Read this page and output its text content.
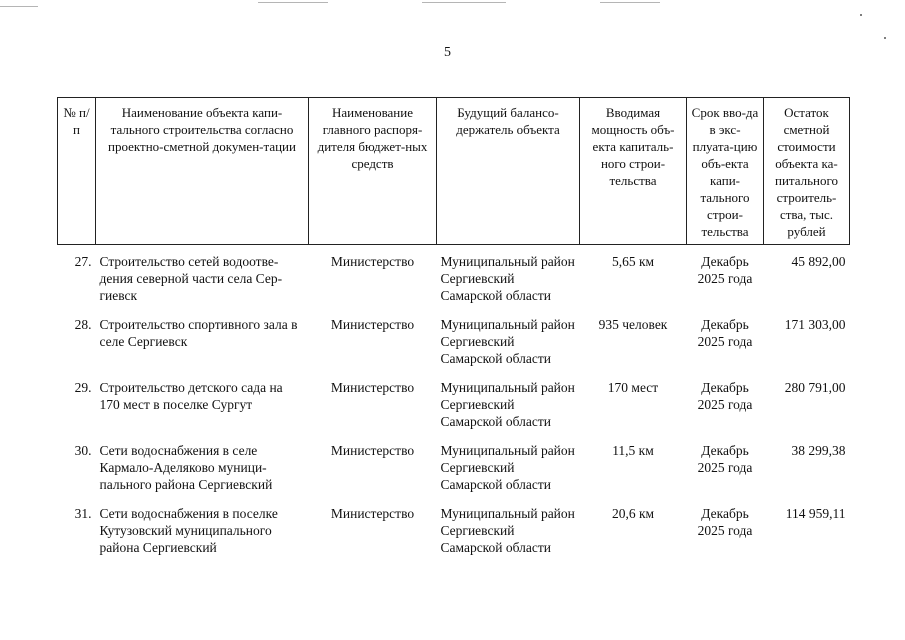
5
№ п/п	Наименование объекта капи-тального строительства согласно проектно-сметной докумен-тации	Наименование главного распоря-дителя бюджет-ных средств	Будущий балансо-держатель объекта	Вводимая мощность объ-екта капиталь-ного строи-тельства	Срок вво-да в экс-плуата-цию объ-екта капи-тального строи-тельства	Остаток сметной стоимости объекта ка-питального строитель-ства, тыс. рублей
27.	Строительство сетей водоотве-дения северной части села Сер-гиевск	Министерство	Муниципальный район Сергиевский Самарской области	5,65 км	Декабрь 2025 года	45 892,00
28.	Строительство спортивного зала в селе Сергиевск	Министерство	Муниципальный район Сергиевский Самарской области	935 человек	Декабрь 2025 года	171 303,00
29.	Строительство детского сада на 170 мест в поселке Сургут	Министерство	Муниципальный район Сергиевский Самарской области	170 мест	Декабрь 2025 года	280 791,00
30.	Сети водоснабжения в селе Кармало-Аделяково муници-пального района Сергиевский	Министерство	Муниципальный район Сергиевский Самарской области	11,5 км	Декабрь 2025 года	38 299,38
31.	Сети водоснабжения в поселке Кутузовский муниципального района Сергиевский	Министерство	Муниципальный район Сергиевский Самарской области	20,6 км	Декабрь 2025 года	114 959,11
